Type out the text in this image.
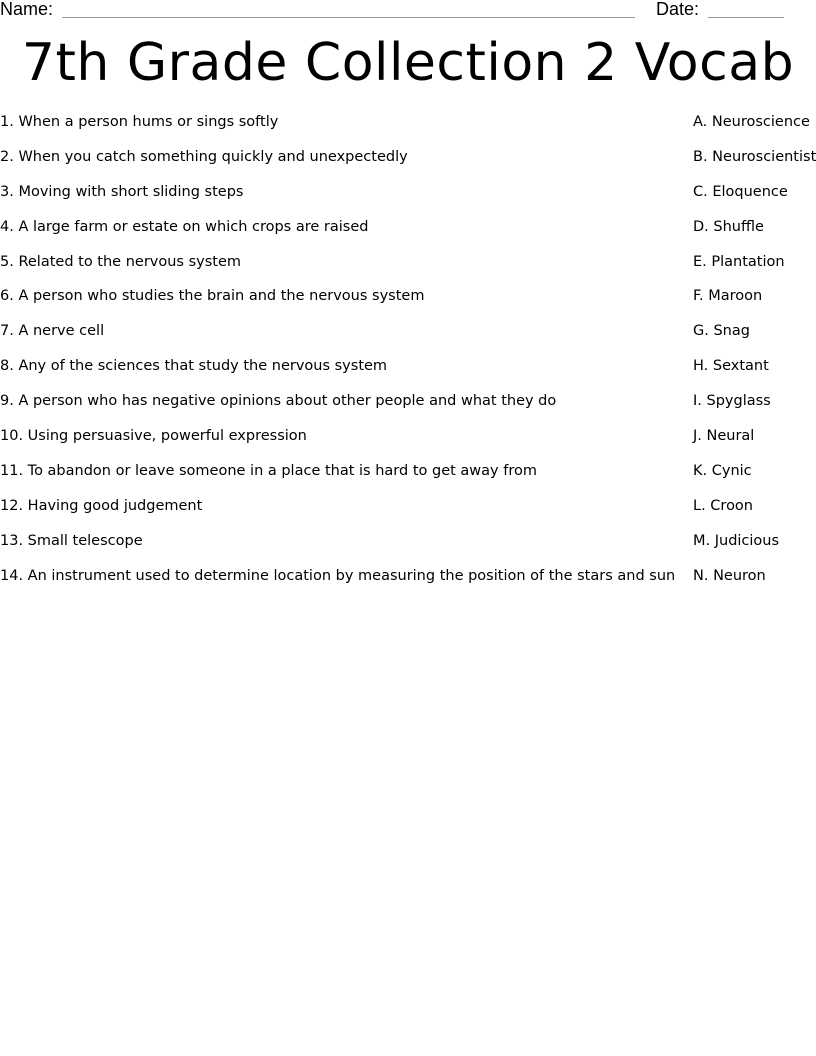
Name:	Date:
7th Grade Collection 2 Vocab
1. When a person hums or sings softly
2. When you catch something quickly and unexpectedly
3. Moving with short sliding steps
4. A large farm or estate on which crops are raised
5. Related to the nervous system
6. A person who studies the brain and the nervous system
7. A nerve cell
8. Any of the sciences that study the nervous system
9. A person who has negative opinions about other people and what they do
10. Using persuasive, powerful expression
11. To abandon or leave someone in a place that is hard to get away from
12. Having good judgement
13. Small telescope
14. An instrument used to determine location by measuring the position of the stars and sun
A. Neuroscience
B. Neuroscientist
C. Eloquence
D. Shuffle
E. Plantation
F. Maroon
G. Snag
H. Sextant
I. Spyglass
J. Neural
K. Cynic
L. Croon
M. Judicious
N. Neuron
